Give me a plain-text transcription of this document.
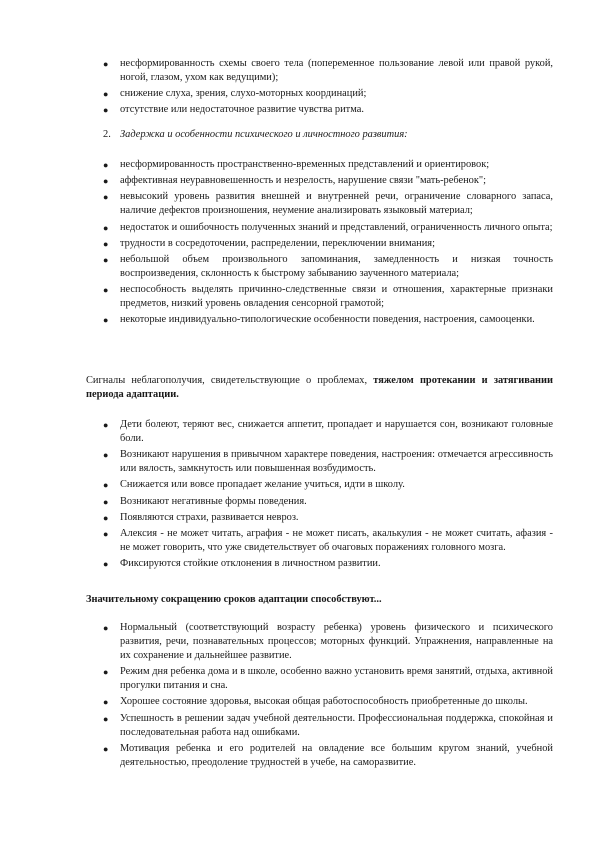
● несформированность схемы своего тела (попеременное пользование левой или правой рукой, ногой, глазом, ухом как ведущими);
● снижение слуха, зрения, слухо-моторных координаций;
● отсутствие или недостаточное развитие чувства ритма.
2. Задержка и особенности психического и личностного развития:
● несформированность пространственно-временных представлений и ориентировок;
● аффективная неуравновешенность и незрелость, нарушение связи "мать-ребенок";
● невысокий уровень развития внешней и внутренней речи, ограничение словарного запаса, наличие дефектов произношения, неумение анализировать языковый материал;
● недостаток и ошибочность полученных знаний и представлений, ограниченность личного опыта;
● трудности в сосредоточении, распределении, переключении внимания;
● небольшой объем произвольного запоминания, замедленность и низкая точность воспроизведения, склонность к быстрому забыванию заученного материала;
● неспособность выделять причинно-следственные связи и отношения, характерные признаки предметов, низкий уровень овладения сенсорной грамотой;
● некоторые индивидуально-типологические особенности поведения, настроения, самооценки.
Сигналы неблагополучия, свидетельствующие о проблемах, тяжелом протекании и затягивании периода адаптации.
● Дети болеют, теряют вес, снижается аппетит, пропадает и нарушается сон, возникают головные боли.
● Возникают нарушения в привычном характере поведения, настроения: отмечается агрессивность или вялость, замкнутость или повышенная возбудимость.
● Снижается или вовсе пропадает желание учиться, идти в школу.
● Возникают негативные формы поведения.
● Появляются страхи, развивается невроз.
● Алексия - не может читать, аграфия - не может писать, акалькулия - не может считать, афазия - не может говорить, что уже свидетельствует об очаговых поражениях головного мозга.
● Фиксируются стойкие отклонения в личностном развитии.
Значительному сокращению сроков адаптации способствуют...
● Нормальный (соответствующий возрасту ребенка) уровень физического и психического развития, речи, познавательных процессов; моторных функций. Упражнения, направленные на их сохранение и дальнейшее развитие.
● Режим дня ребенка дома и в школе, особенно важно установить время занятий, отдыха, активной прогулки питания и сна.
● Хорошее состояние здоровья, высокая общая работоспособность приобретенные до школы.
● Успешность в решении задач учебной деятельности. Профессиональная поддержка, спокойная и последовательная работа над ошибками.
● Мотивация ребенка и его родителей на овладение все большим кругом знаний, учебной деятельностью, преодоление трудностей в учебе, на саморазвитие.
